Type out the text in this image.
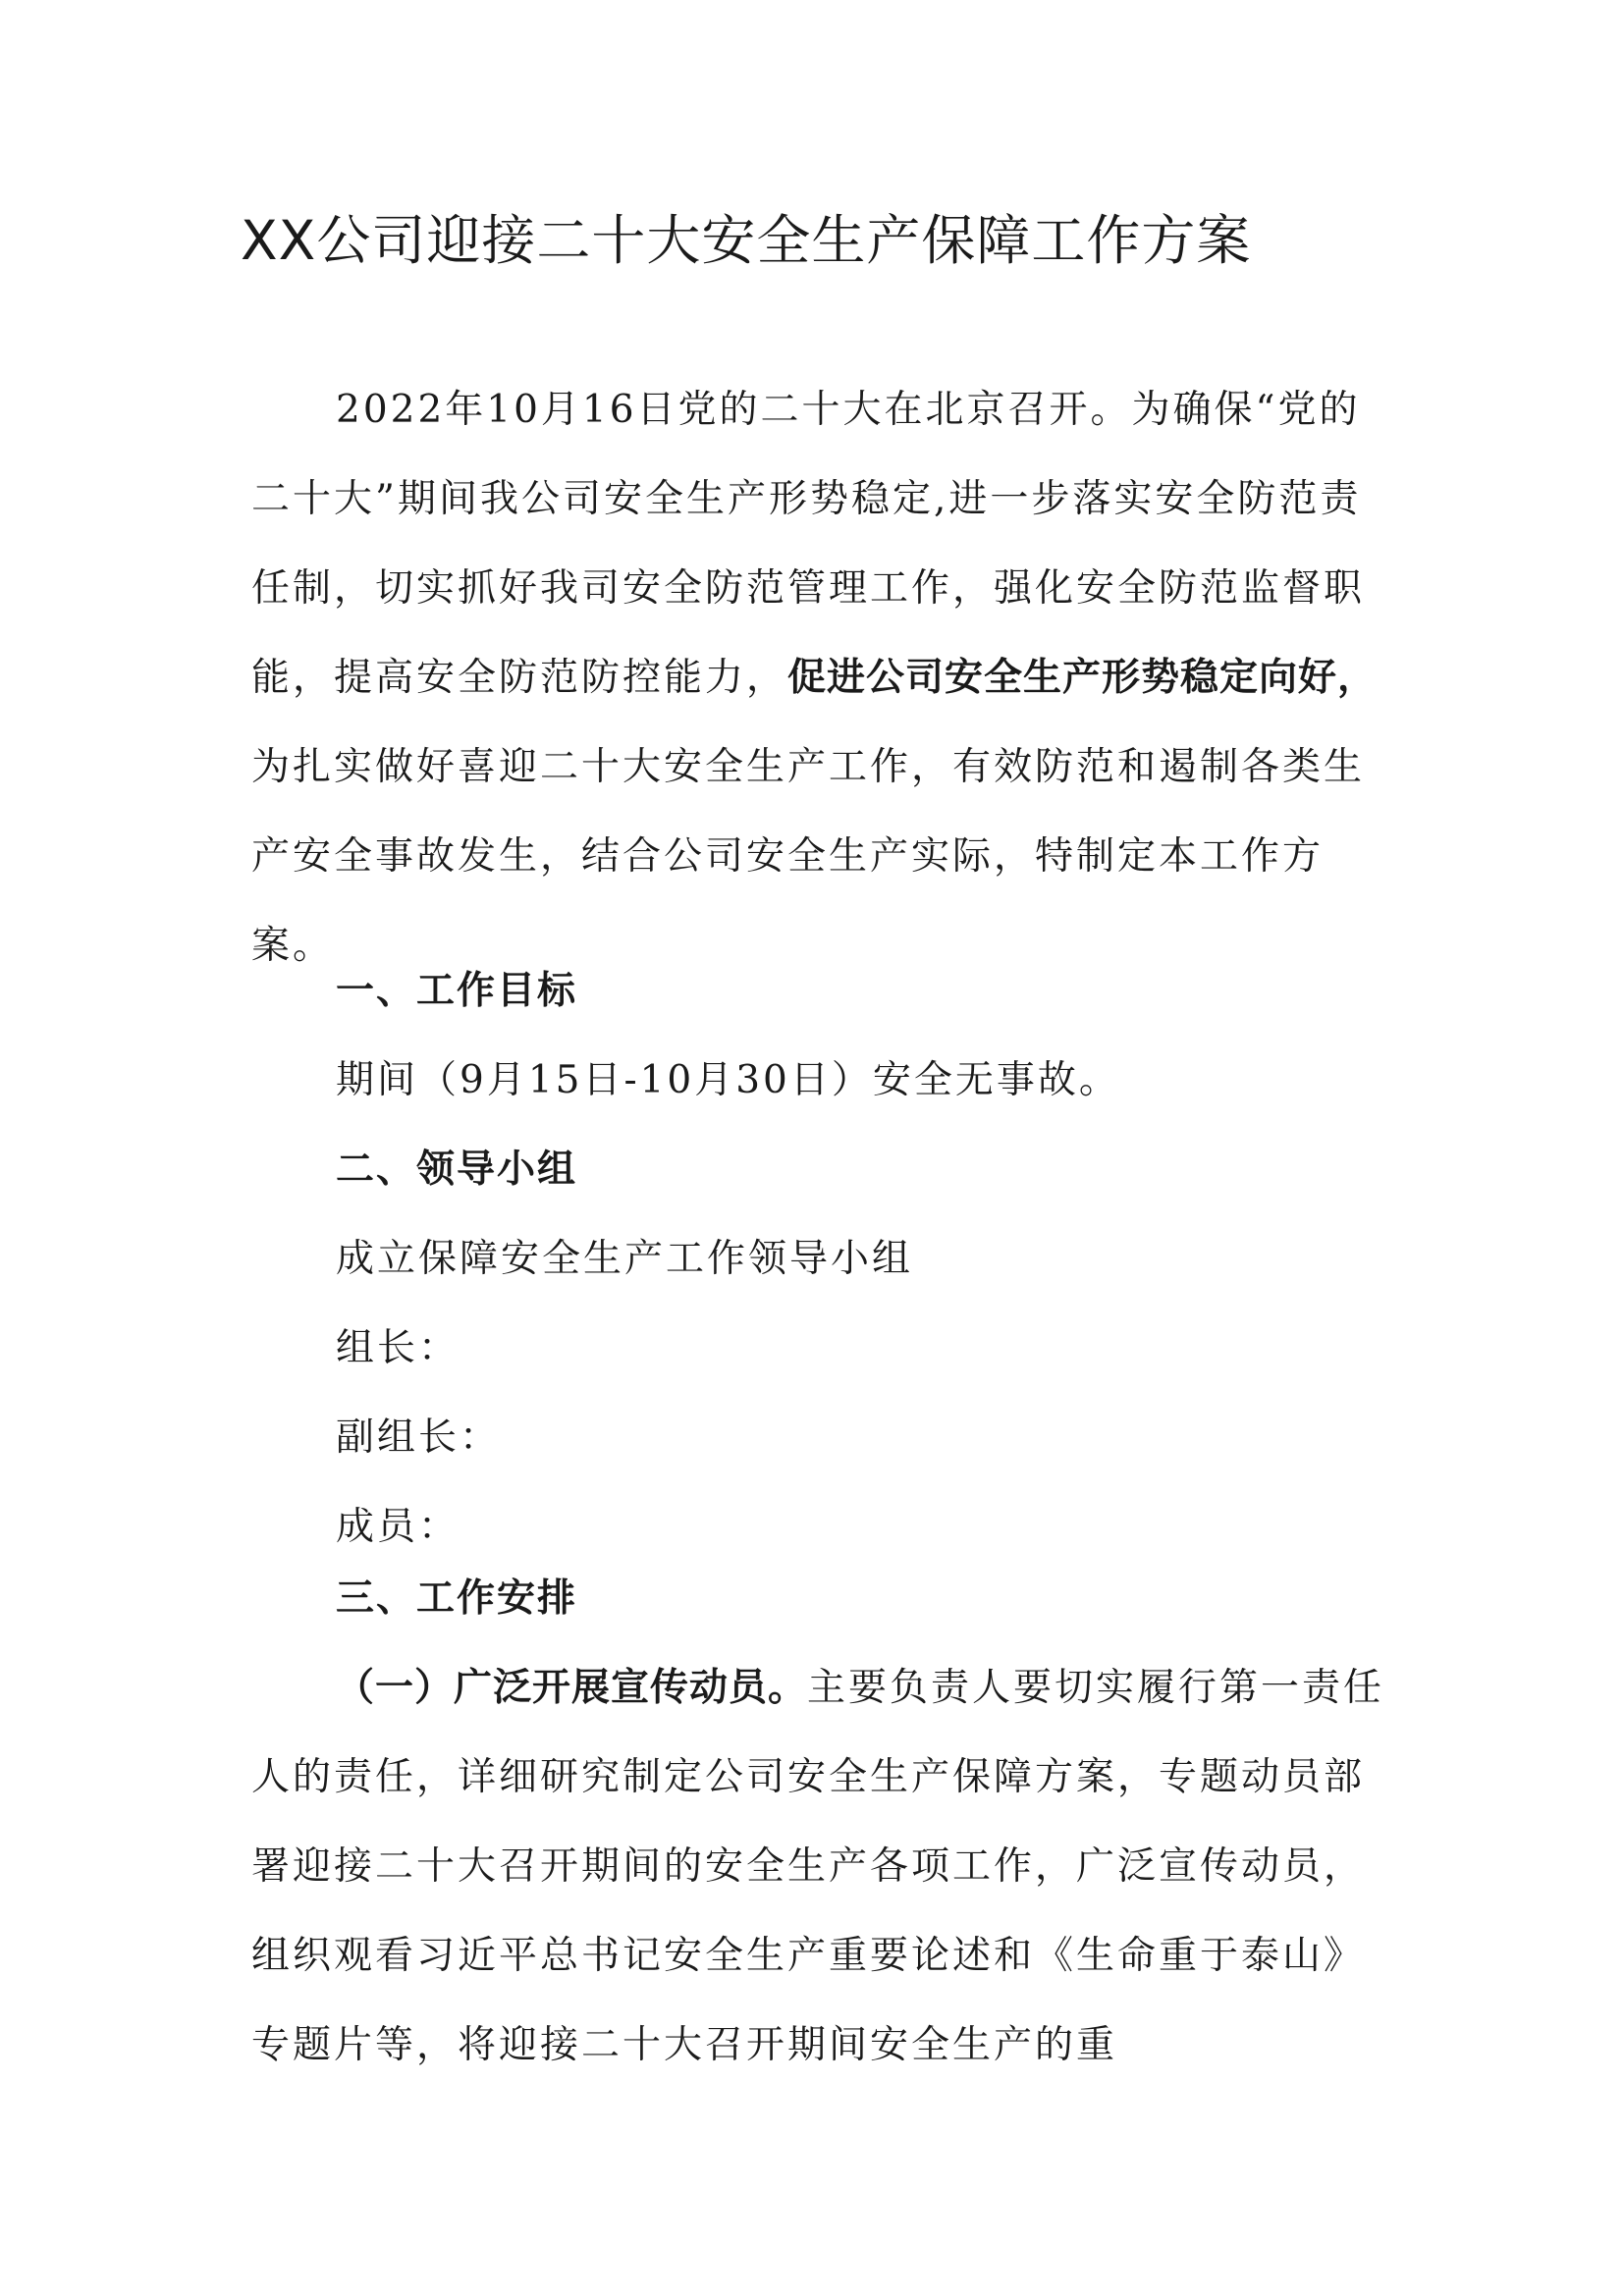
XX公司迎接二十大安全生产保障工作方案
2022年10月16日党的二十大在北京召开。为确保“党的二十大”期间我公司安全生产形势稳定,进一步落实安全防范责任制，切实抓好我司安全防范管理工作，强化安全防范监督职能，提高安全防范防控能力，促进公司安全生产形势稳定向好，为扎实做好喜迎二十大安全生产工作，有效防范和遏制各类生产安全事故发生，结合公司安全生产实际，特制定本工作方案。
一、工作目标
期间（9月15日-10月30日）安全无事故。
二、领导小组
成立保障安全生产工作领导小组
组长：
副组长：
成员：
三、工作安排
（一）广泛开展宣传动员。主要负责人要切实履行第一责任人的责任，详细研究制定公司安全生产保障方案，专题动员部署迎接二十大召开期间的安全生产各项工作，广泛宣传动员，组织观看习近平总书记安全生产重要论述和《生命重于泰山》专题片等，将迎接二十大召开期间安全生产的重
